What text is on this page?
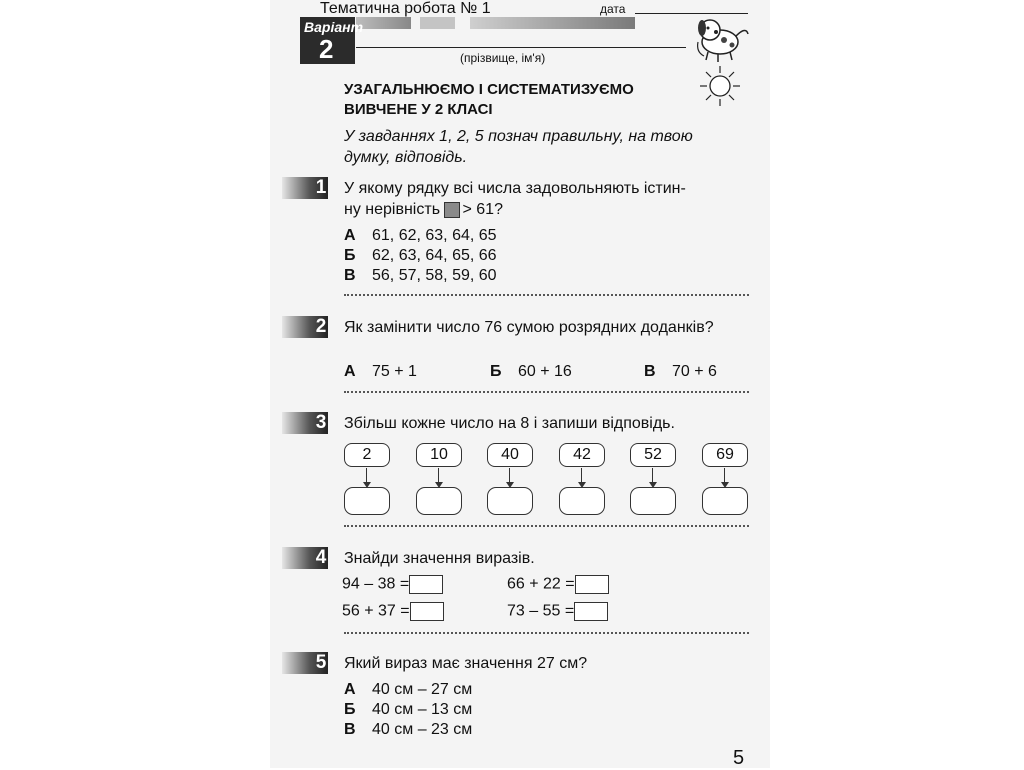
Тематична робота № 1	дата
Варіант
2	(прізвище, ім'я)
УЗАГАЛЬНЮЄМО І СИСТЕМАТИЗУЄМО ВИВЧЕНЕ У 2 КЛАСІ
У завданнях 1, 2, 5 познач правильну, на твою думку, відповідь.
1 У якому рядку всі числа задовольняють істин-
ну нерівність > 61?
А 61, 62, 63, 64, 65
Б 62, 63, 64, 65, 66
В 56, 57, 58, 59, 60
2 Як замінити число 76 сумою розрядних доданків?
А 75 + 1	Б 60 + 16	В 70 + 6
3 Збільш кожне число на 8 і запиши відповідь.
2	10	40	42	52	69
4 Знайди значення виразів.
94 – 38 =	66 + 22 =
56 + 37 =	73 – 55 =
5 Який вираз має значення 27 см?
А 40 см – 27 см
Б 40 см – 13 см
В 40 см – 23 см
5
